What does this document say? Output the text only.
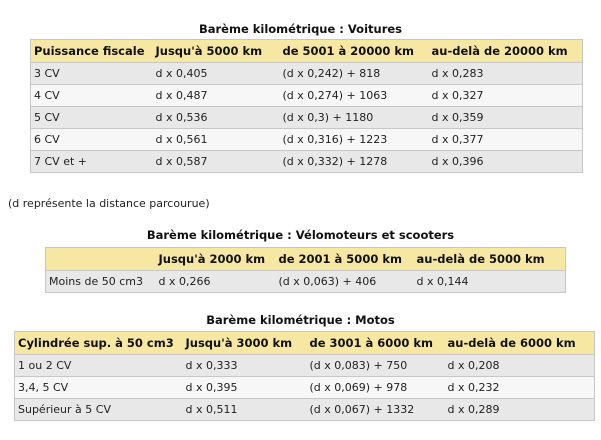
Barème kilométrique : Voitures
Puissance fiscale	Jusqu'à 5000 km	de 5001 à 20000 km	au-delà de 20000 km
3 CV	d x 0,405	(d x 0,242) + 818	d x 0,283
4 CV	d x 0,487	(d x 0,274) + 1063	d x 0,327
5 CV	d x 0,536	(d x 0,3) + 1180	d x 0,359
6 CV	d x 0,561	(d x 0,316) + 1223	d x 0,377
7 CV et +	d x 0,587	(d x 0,332) + 1278	d x 0,396
(d représente la distance parcourue)
Barème kilométrique : Vélomoteurs et scooters
	Jusqu'à 2000 km	de 2001 à 5000 km	au-delà de 5000 km
Moins de 50 cm3	d x 0,266	(d x 0,063) + 406	d x 0,144
Barème kilométrique : Motos
Cylindrée sup. à 50 cm3	Jusqu'à 3000 km	de 3001 à 6000 km	au-delà de 6000 km
1 ou 2 CV	d x 0,333	(d x 0,083) + 750	d x 0,208
3,4, 5 CV	d x 0,395	(d x 0,069) + 978	d x 0,232
Supérieur à 5 CV	d x 0,511	(d x 0,067) + 1332	d x 0,289
